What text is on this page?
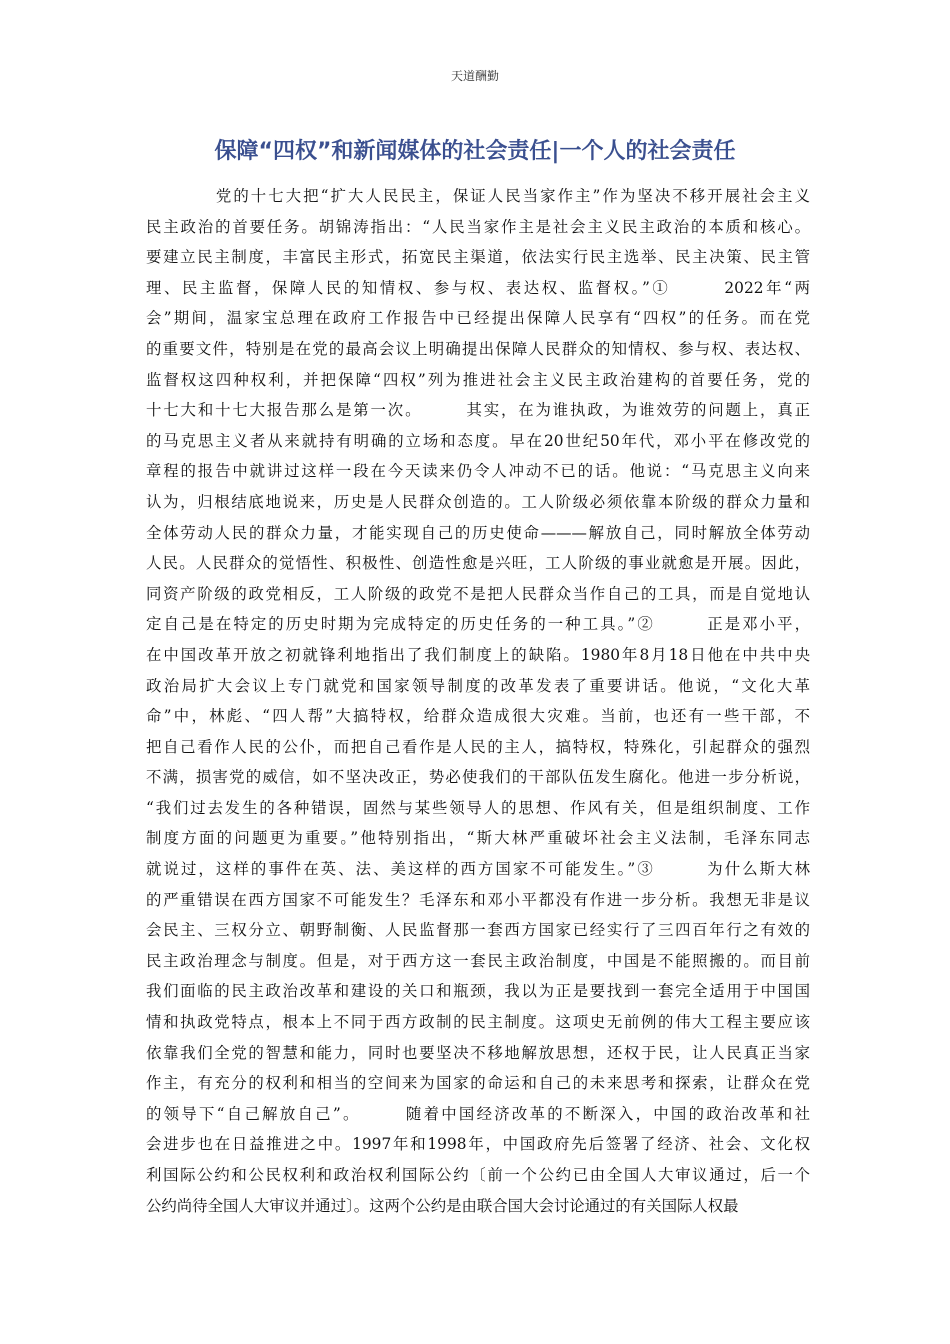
天道酬勤
保障“四权”和新闻媒体的社会责任|一个人的社会责任
　　　　党的十七大把“扩大人民民主，保证人民当家作主”作为坚决不移开展社会主义
民主政治的首要任务。胡锦涛指出：“人民当家作主是社会主义民主政治的本质和核心。
要建立民主制度，丰富民主形式，拓宽民主渠道，依法实行民主选举、民主决策、民主管
理、民主监督，保障人民的知情权、参与权、表达权、监督权。”①　　　2022年“两
会”期间，温家宝总理在政府工作报告中已经提出保障人民享有“四权”的任务。而在党
的重要文件，特别是在党的最高会议上明确提出保障人民群众的知情权、参与权、表达权、
监督权这四种权利，并把保障“四权”列为推进社会主义民主政治建构的首要任务，党的
十七大和十七大报告那么是第一次。　　　其实，在为谁执政，为谁效劳的问题上，真正
的马克思主义者从来就持有明确的立场和态度。早在20世纪50年代，邓小平在修改党的
章程的报告中就讲过这样一段在今天读来仍令人冲动不已的话。他说：“马克思主义向来
认为，归根结底地说来，历史是人民群众创造的。工人阶级必须依靠本阶级的群众力量和
全体劳动人民的群众力量，才能实现自己的历史使命———解放自己，同时解放全体劳动
人民。人民群众的觉悟性、积极性、创造性愈是兴旺，工人阶级的事业就愈是开展。因此，
同资产阶级的政党相反，工人阶级的政党不是把人民群众当作自己的工具，而是自觉地认
定自己是在特定的历史时期为完成特定的历史任务的一种工具。”②　　　正是邓小平，
在中国改革开放之初就锋利地指出了我们制度上的缺陷。1980年8月18日他在中共中央
政治局扩大会议上专门就党和国家领导制度的改革发表了重要讲话。他说，“文化大革
命”中，林彪、“四人帮”大搞特权，给群众造成很大灾难。当前，也还有一些干部，不
把自己看作人民的公仆，而把自己看作是人民的主人，搞特权，特殊化，引起群众的强烈
不满，损害党的威信，如不坚决改正，势必使我们的干部队伍发生腐化。他进一步分析说，
“我们过去发生的各种错误，固然与某些领导人的思想、作风有关，但是组织制度、工作
制度方面的问题更为重要。”他特别指出，“斯大林严重破坏社会主义法制，毛泽东同志
就说过，这样的事件在英、法、美这样的西方国家不可能发生。”③　　　为什么斯大林
的严重错误在西方国家不可能发生？毛泽东和邓小平都没有作进一步分析。我想无非是议
会民主、三权分立、朝野制衡、人民监督那一套西方国家已经实行了三四百年行之有效的
民主政治理念与制度。但是，对于西方这一套民主政治制度，中国是不能照搬的。而目前
我们面临的民主政治改革和建设的关口和瓶颈，我以为正是要找到一套完全适用于中国国
情和执政党特点，根本上不同于西方政制的民主制度。这项史无前例的伟大工程主要应该
依靠我们全党的智慧和能力，同时也要坚决不移地解放思想，还权于民，让人民真正当家
作主，有充分的权利和相当的空间来为国家的命运和自己的未来思考和探索，让群众在党
的领导下“自己解放自己”。　　　随着中国经济改革的不断深入，中国的政治改革和社
会进步也在日益推进之中。1997年和1998年，中国政府先后签署了经济、社会、文化权
利国际公约和公民权利和政治权利国际公约〔前一个公约已由全国人大审议通过，后一个
公约尚待全国人大审议并通过〕。这两个公约是由联合国大会讨论通过的有关国际人权最
